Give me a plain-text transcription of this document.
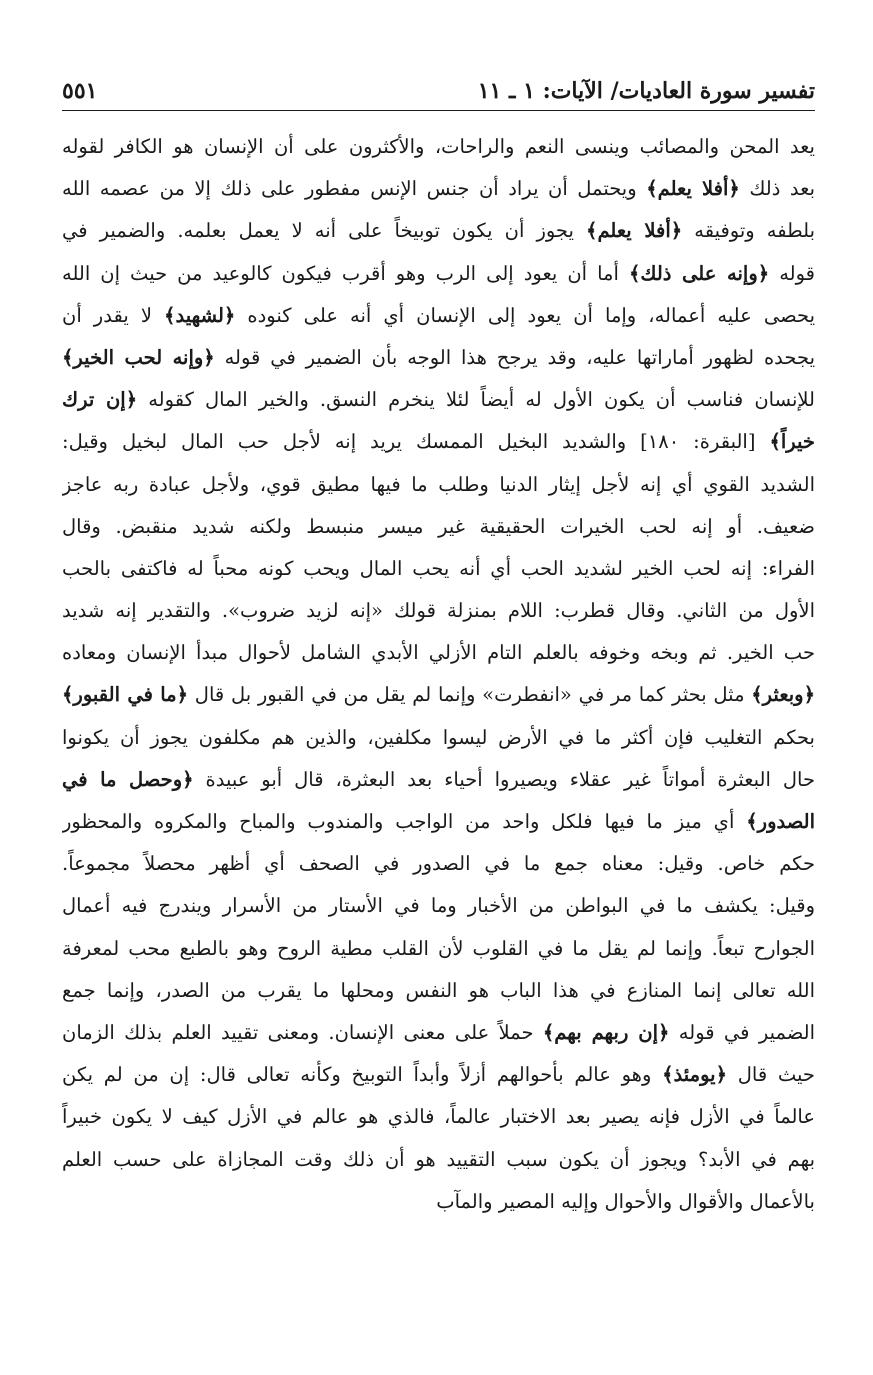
تفسير سورة العاديات/ الآيات: ١ ـ ١١
٥٥١
يعد المحن والمصائب وينسى النعم والراحات، والأكثرون على أن الإنسان هو الكافر لقوله
بعد ذلك ﴿أفلا يعلم﴾ ويحتمل أن يراد أن جنس الإنس مفطور على ذلك إلا من عصمه الله
بلطفه وتوفيقه ﴿أفلا يعلم﴾ يجوز أن يكون توبيخاً على أنه لا يعمل بعلمه. والضمير في
قوله ﴿وإنه على ذلك﴾ أما أن يعود إلى الرب وهو أقرب فيكون كالوعيد من حيث إن الله
يحصى عليه أعماله، وإما أن يعود إلى الإنسان أي أنه على كنوده ﴿لشهيد﴾ لا يقدر أن
يجحده لظهور أماراتها عليه، وقد يرجح هذا الوجه بأن الضمير في قوله ﴿وإنه لحب الخير﴾
للإنسان فناسب أن يكون الأول له أيضاً لئلا ينخرم النسق. والخير المال كقوله ﴿إن ترك
خيراً﴾ [البقرة: ١٨٠] والشديد البخيل الممسك يريد إنه لأجل حب المال لبخيل وقيل:
الشديد القوي أي إنه لأجل إيثار الدنيا وطلب ما فيها مطيق قوي، ولأجل عبادة ربه عاجز
ضعيف. أو إنه لحب الخيرات الحقيقية غير ميسر منبسط ولكنه شديد منقبض. وقال
الفراء: إنه لحب الخير لشديد الحب أي أنه يحب المال ويحب كونه محباً له فاكتفى بالحب
الأول من الثاني. وقال قطرب: اللام بمنزلة قولك «إنه لزيد ضروب». والتقدير إنه شديد
حب الخير. ثم وبخه وخوفه بالعلم التام الأزلي الأبدي الشامل لأحوال مبدأ الإنسان ومعاده
﴿وبعثر﴾ مثل بحثر كما مر في «انفطرت» وإنما لم يقل من في القبور بل قال ﴿ما في القبور﴾
بحكم التغليب فإن أكثر ما في الأرض ليسوا مكلفين، والذين هم مكلفون يجوز أن يكونوا
حال البعثرة أمواتاً غير عقلاء ويصيروا أحياء بعد البعثرة، قال أبو عبيدة ﴿وحصل ما في
الصدور﴾ أي ميز ما فيها فلكل واحد من الواجب والمندوب والمباح والمكروه والمحظور
حكم خاص. وقيل: معناه جمع ما في الصدور في الصحف أي أظهر محصلاً مجموعاً.
وقيل: يكشف ما في البواطن من الأخبار وما في الأستار من الأسرار ويندرج فيه أعمال
الجوارح تبعاً. وإنما لم يقل ما في القلوب لأن القلب مطية الروح وهو بالطبع محب لمعرفة
الله تعالى إنما المنازع في هذا الباب هو النفس ومحلها ما يقرب من الصدر، وإنما جمع
الضمير في قوله ﴿إن ربهم بهم﴾ حملاً على معنى الإنسان. ومعنى تقييد العلم بذلك الزمان
حيث قال ﴿يومئذ﴾ وهو عالم بأحوالهم أزلاً وأبداً التوبيخ وكأنه تعالى قال: إن من لم يكن
عالماً في الأزل فإنه يصير بعد الاختبار عالماً، فالذي هو عالم في الأزل كيف لا يكون خبيراً
بهم في الأبد؟ ويجوز أن يكون سبب التقييد هو أن ذلك وقت المجازاة على حسب العلم
بالأعمال والأقوال والأحوال وإليه المصير والمآب
